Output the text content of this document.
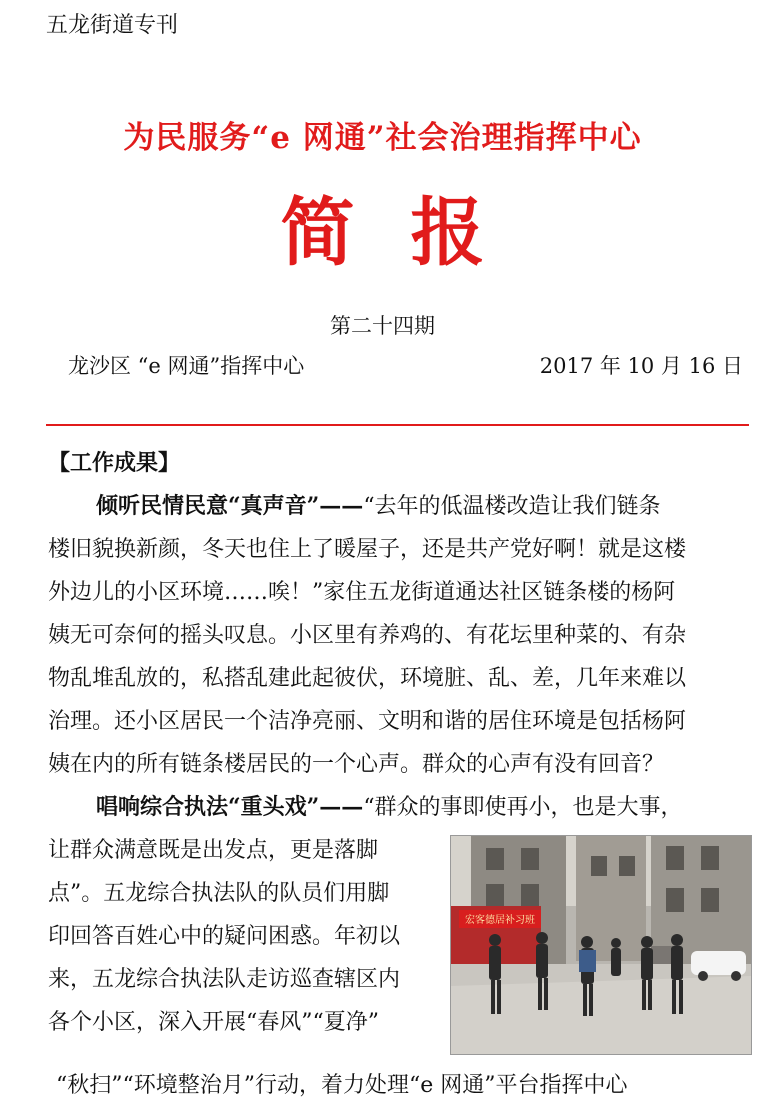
五龙街道专刊
为民服务“e 网通”社会治理指挥中心
简报
第二十四期
龙沙区 “e 网通”指挥中心	2017 年 10 月 16 日
【工作成果】
倾听民情民意“真声音”——“去年的低温楼改造让我们链条
楼旧貌换新颜，冬天也住上了暖屋子，还是共产党好啊！就是这楼
外边儿的小区环境……唉！”家住五龙街道通达社区链条楼的杨阿
姨无可奈何的摇头叹息。小区里有养鸡的、有花坛里种菜的、有杂
物乱堆乱放的，私搭乱建此起彼伏，环境脏、乱、差，几年来难以
治理。还小区居民一个洁净亮丽、文明和谐的居住环境是包括杨阿
姨在内的所有链条楼居民的一个心声。群众的心声有没有回音？
唱响综合执法“重头戏”——“群众的事即使再小，也是大事，
让群众满意既是出发点，更是落脚
点”。五龙综合执法队的队员们用脚
印回答百姓心中的疑问困惑。年初以
来，五龙综合执法队走访巡查辖区内
各个小区，深入开展“春风”“夏净”
“秋扫”“环境整治月”行动，着力处理“e 网通”平台指挥中心
宏客德居补习班
